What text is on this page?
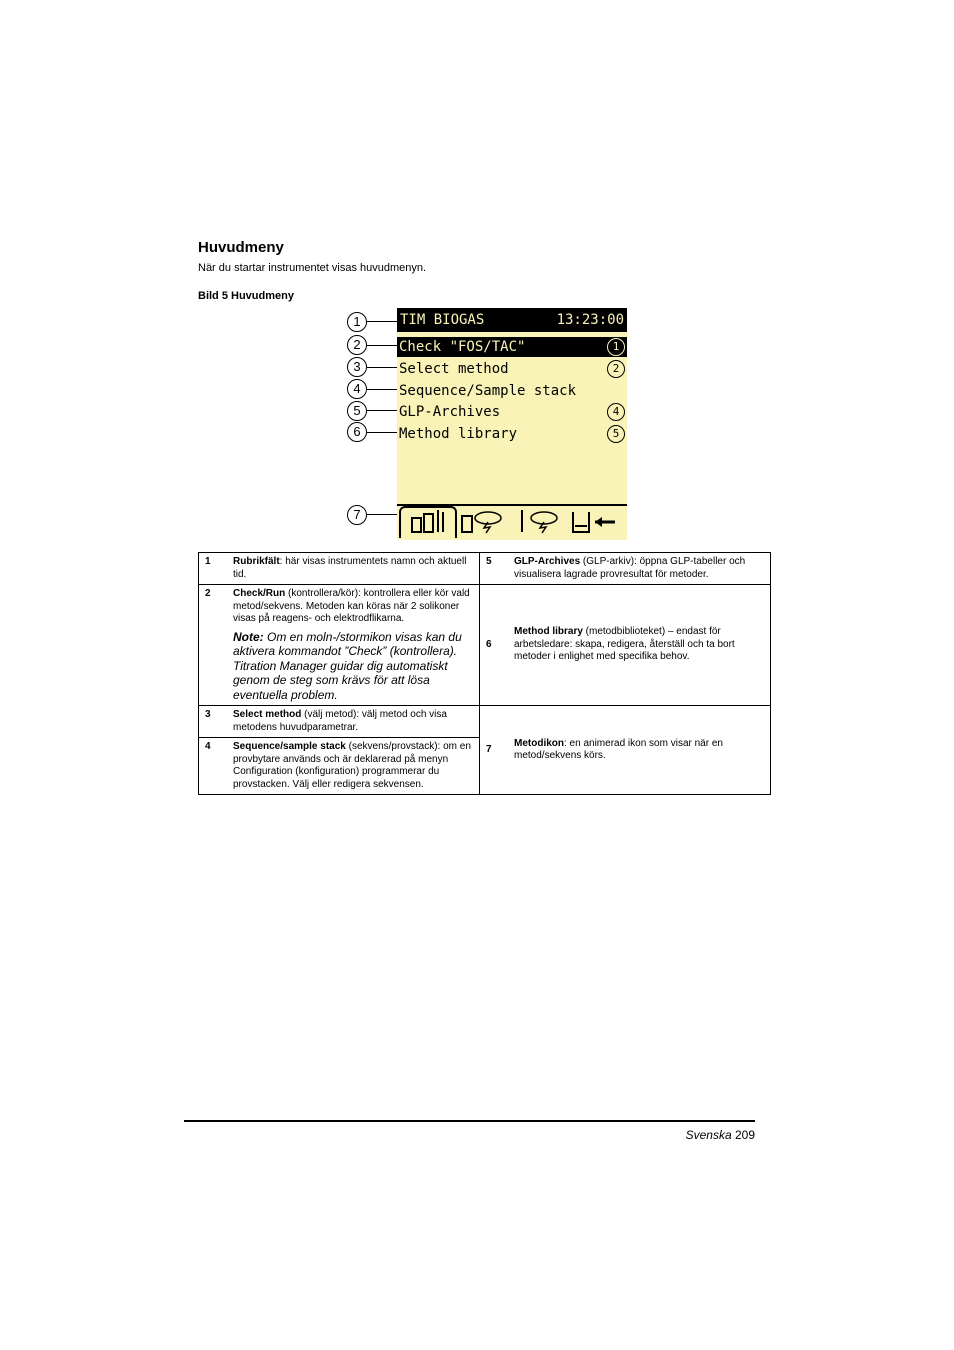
Huvudmeny
När du startar instrumentet visas huvudmenyn.
Bild 5 Huvudmeny
1
2
3
4
5
6
7
TIM BIOGAS	13:23:00
Check "FOS/TAC"	1
Select method	2
Sequence/Sample stack
GLP-Archives	4
Method library	5
1	Rubrikfält: här visas instrumentets namn och aktuell tid.	5	GLP-Archives (GLP-arkiv): öppna GLP-tabeller och visualisera lagrade provresultat för metoder.
2	Check/Run (kontrollera/kör): kontrollera eller kör vald metod/sekvens. Metoden kan köras när 2 solikoner visas på reagens- och elektrodflikarna.
Note: Om en moln-/stormikon visas kan du aktivera kommandot ”Check” (kontrollera). Titration Manager guidar dig automatiskt genom de steg som krävs för att lösa eventuella problem.	6	Method library (metodbiblioteket) – endast för arbetsledare: skapa, redigera, återställ och ta bort metoder i enlighet med specifika behov.
3	Select method (välj metod): välj metod och visa metodens huvudparametrar.	7	Metodikon: en animerad ikon som visar när en metod/sekvens körs.
4	Sequence/sample stack (sekvens/provstack): om en provbytare används och är deklarerad på menyn Configuration (konfiguration) programmerar du provstacken. Välj eller redigera sekvensen.		
Svenska 209
